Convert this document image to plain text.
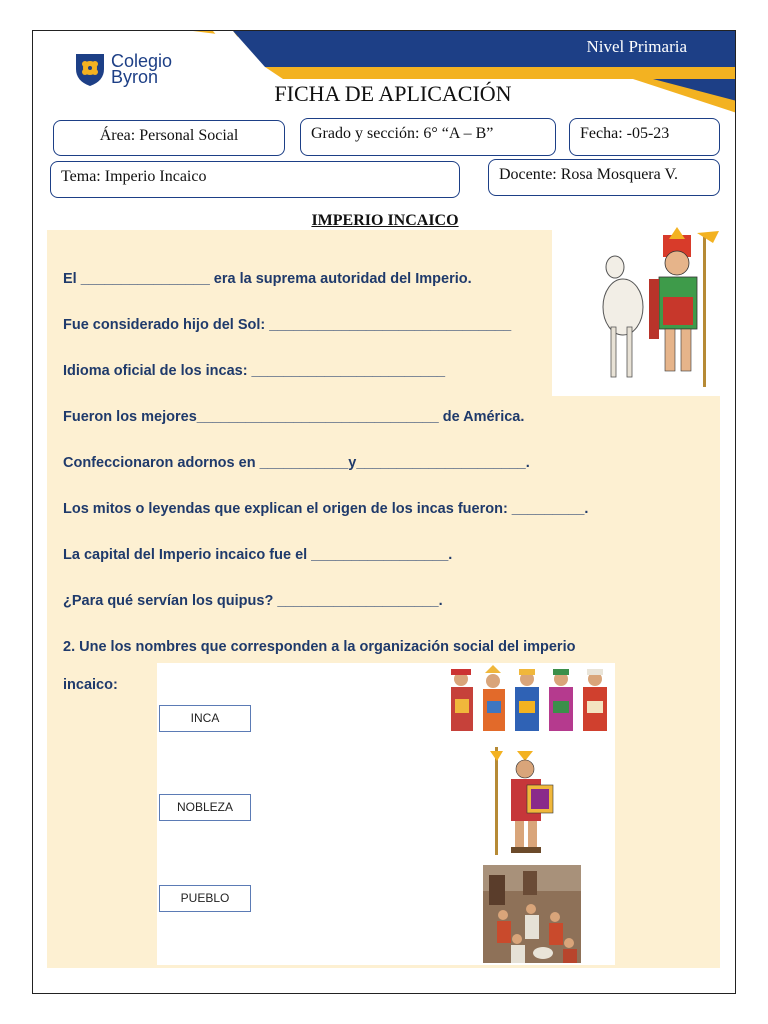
Nivel Primaria
Colegio
Byron
FICHA DE APLICACIÓN
Área: Personal Social	Grado y sección: 6° “A – B”	Fecha: -05-23
Tema: Imperio Incaico	Docente: Rosa Mosquera V.
IMPERIO INCAICO
El ________________ era la suprema autoridad del Imperio.
Fue considerado hijo del Sol: ______________________________
Idioma oficial de los incas: ________________________
Fueron los mejores______________________________ de América.
Confeccionaron adornos en ___________y_____________________.
Los mitos o leyendas que explican el origen de los incas fueron: _________.
La capital del Imperio incaico fue el _________________.
¿Para qué servían los quipus? ____________________.
2. Une los nombres que corresponden a la organización social del imperio
incaico:
INCA
NOBLEZA
PUEBLO
